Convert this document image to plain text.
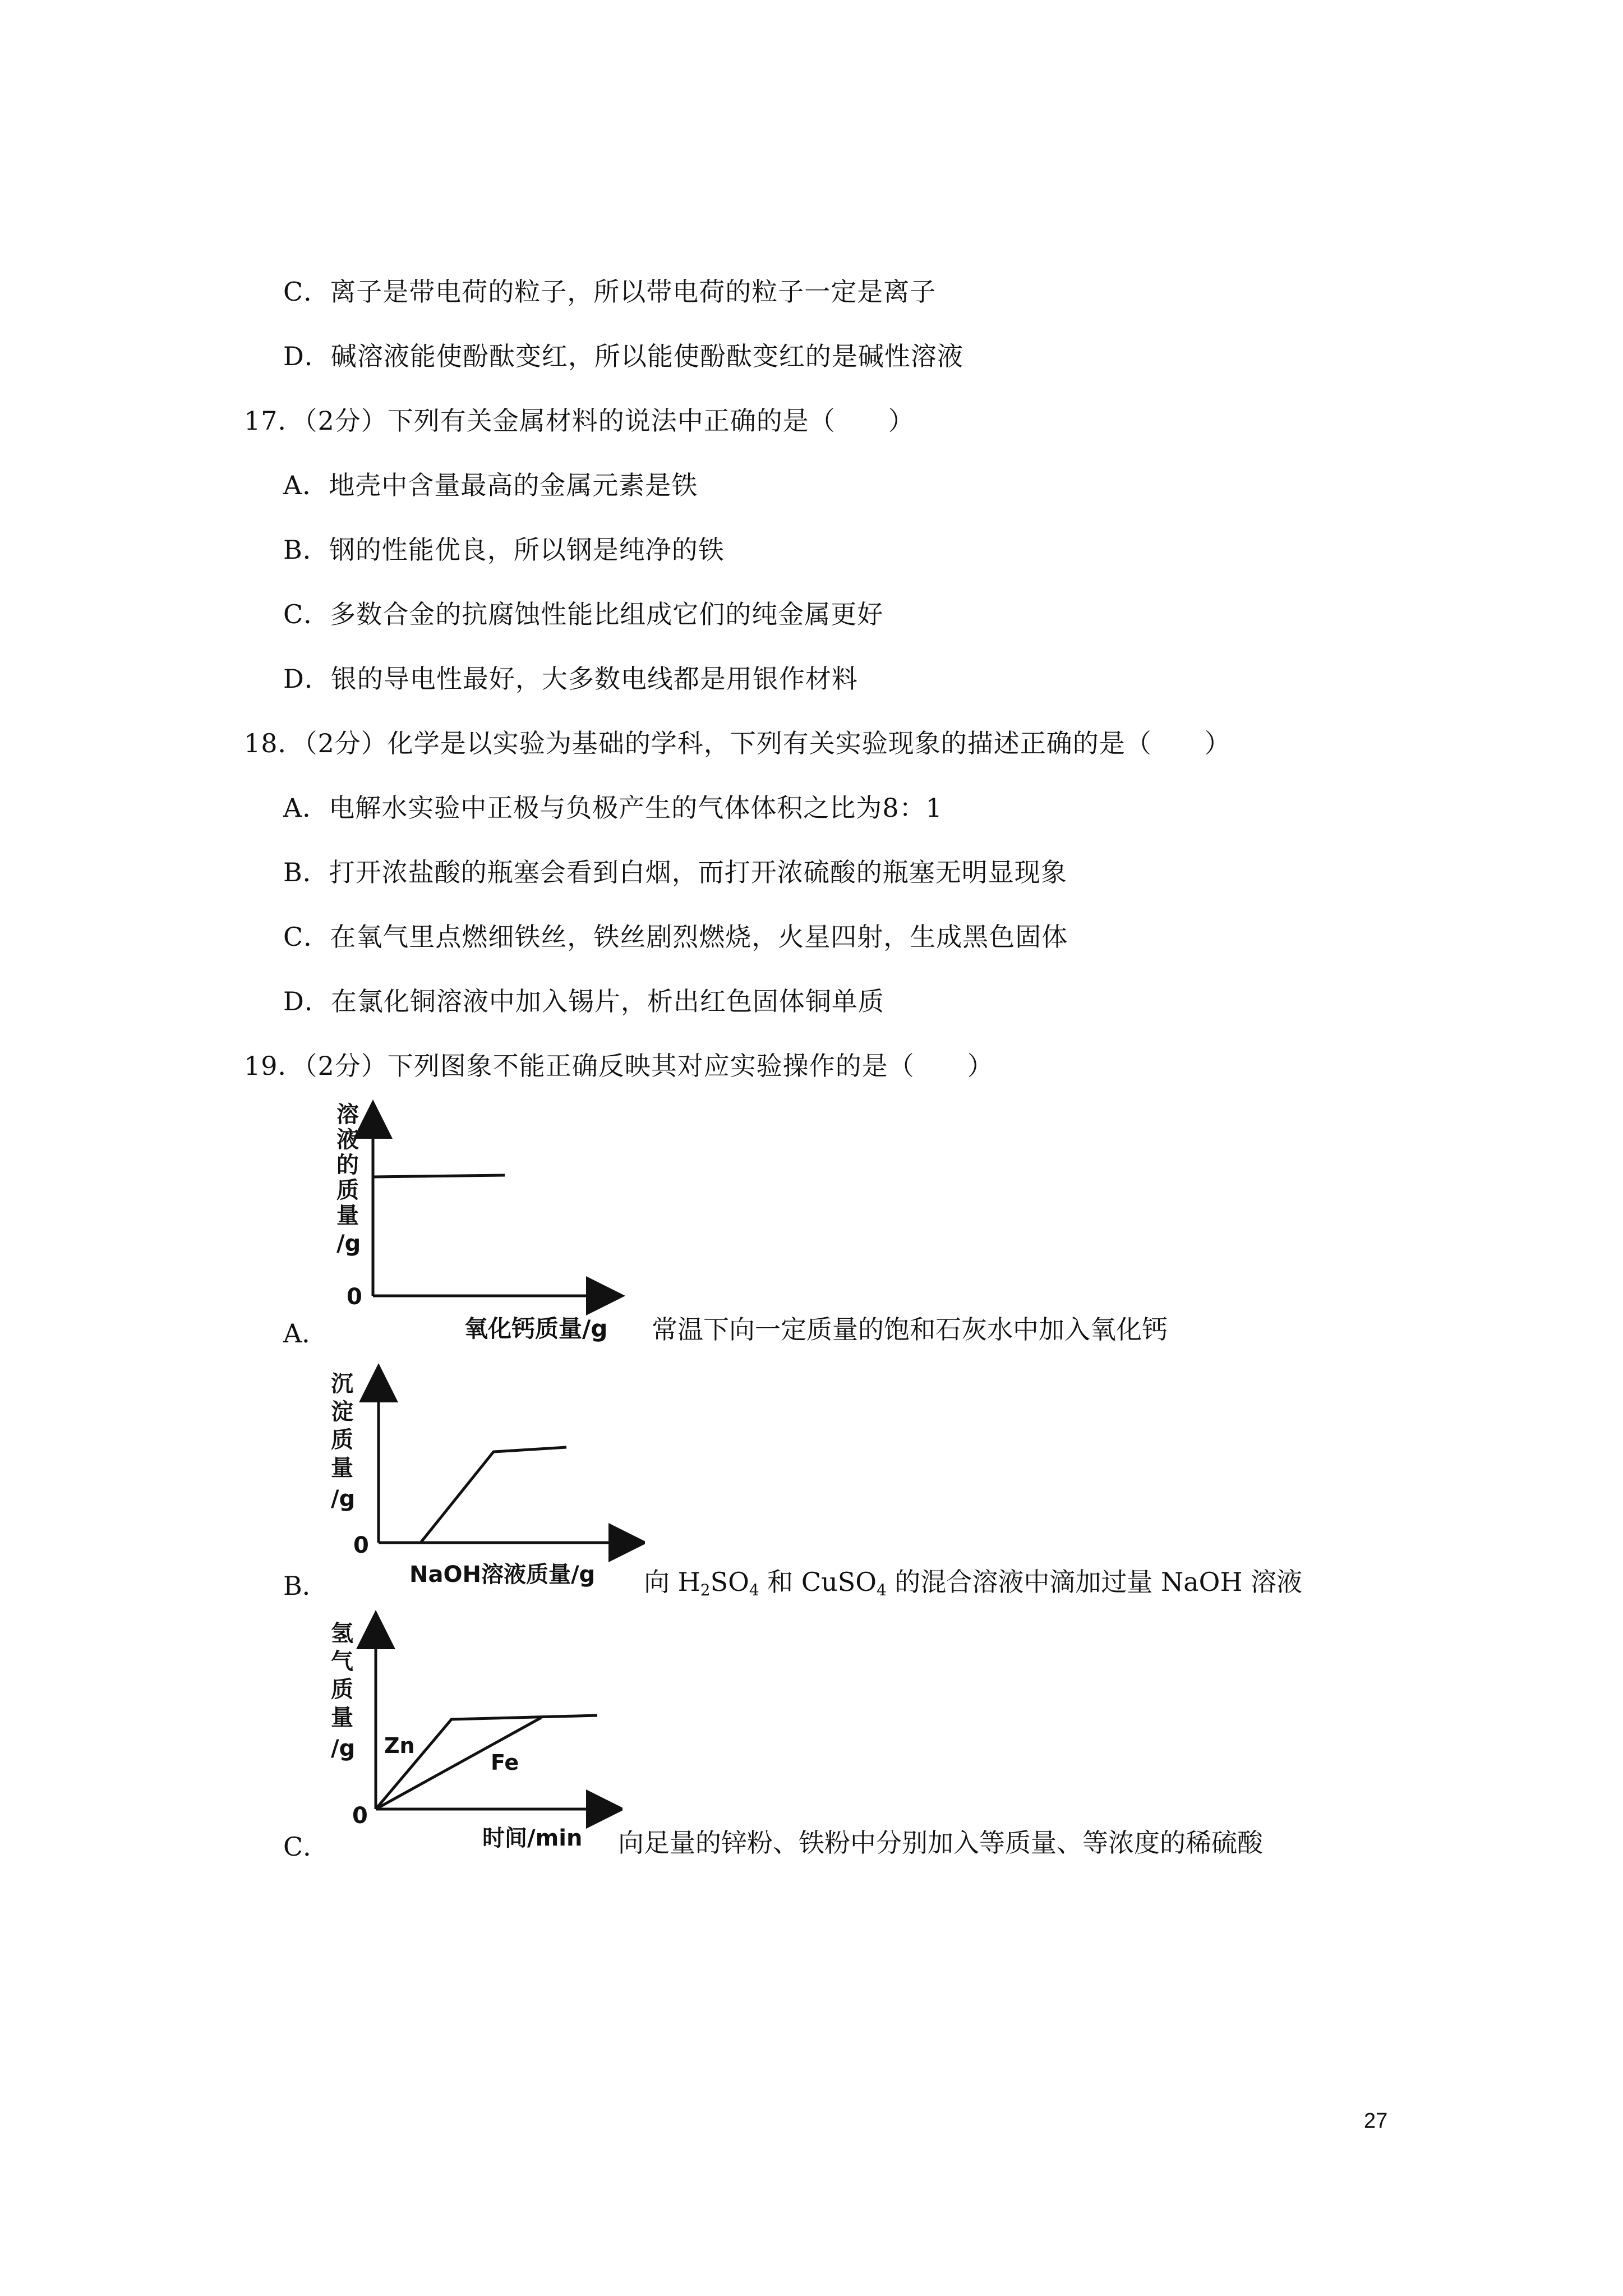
C．离子是带电荷的粒子，所以带电荷的粒子一定是离子
D．碱溶液能使酚酞变红，所以能使酚酞变红的是碱性溶液
17．（2分）下列有关金属材料的说法中正确的是（　　）
A．地壳中含量最高的金属元素是铁
B．钢的性能优良，所以钢是纯净的铁
C．多数合金的抗腐蚀性能比组成它们的纯金属更好
D．银的导电性最好，大多数电线都是用银作材料
18．（2分）化学是以实验为基础的学科，下列有关实验现象的描述正确的是（　　）
A．电解水实验中正极与负极产生的气体体积之比为8：1
B．打开浓盐酸的瓶塞会看到白烟，而打开浓硫酸的瓶塞无明显现象
C．在氧气里点燃细铁丝，铁丝剧烈燃烧，火星四射，生成黑色固体
D．在氯化铜溶液中加入锡片，析出红色固体铜单质
19．（2分）下列图象不能正确反映其对应实验操作的是（　　）
A．
溶
液
的
质
量
/g
0
氧化钙质量/g 常温下向一定质量的饱和石灰水中加入氧化钙
B．
沉
淀
质
量
/g
0
NaOH溶液质量/g 向 $H_2SO_4$ 和 CuSO$_4$ 的混合溶液中滴加过量 NaOH 溶液
C．
氢
气
质
量
/g Zn
Fe
0
时间/min 向足量的锌粉、铁粉中分别加入等质量、等浓度的稀硫酸
27
